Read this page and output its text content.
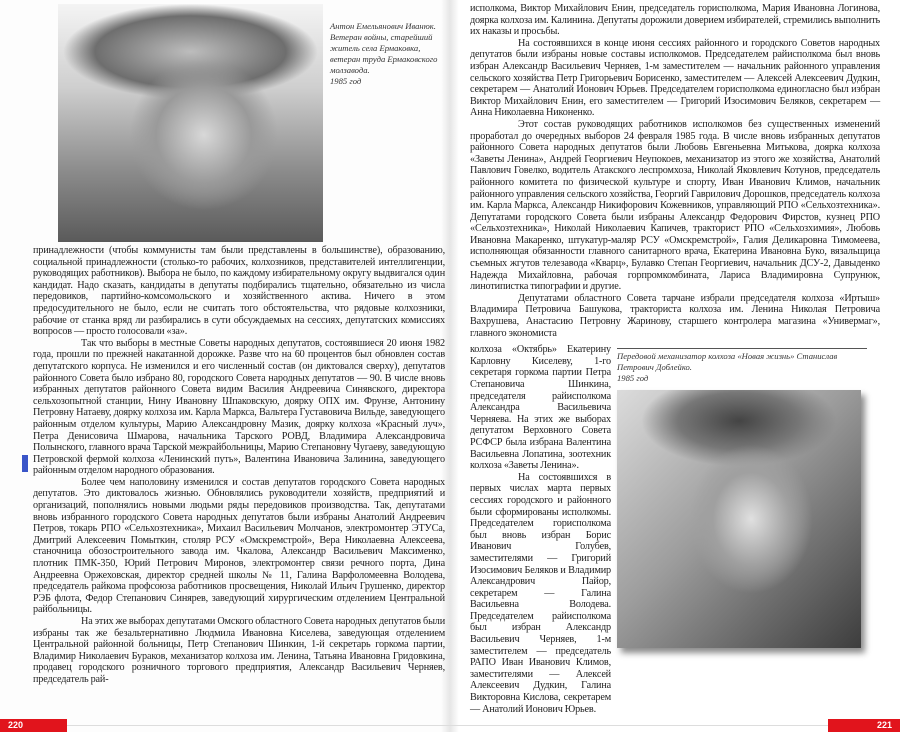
Антон Емельянович Иванюк.
Ветеран войны, старейший житель села Ермаковка, ветеран труда Ермаковского молзавода.
1985 год

принадлежности (чтобы коммунисты там были представлены в большинстве), образованию, социальной принадлежности (столько-то рабочих, колхозников, представителей интеллигенции, руководящих работников). Выбора не было, по каждому избирательному округу выдвигался один кандидат. Надо сказать, кандидаты в депутаты подбирались тщательно, обязательно из числа передовиков, партийно-комсомольского и хозяйственного актива. Ничего в этом предосудительного не было, если не считать того обстоятельства, что рядовые колхозники, рабочие от станка вряд ли разбирались в сути обсуждаемых на сессиях, депутатских комиссиях вопросов — просто голосовали «за».

Так что выборы в местные Советы народных депутатов, состоявшиеся 20 июня 1982 года, прошли по прежней накатанной дорожке. Разве что на 60 процентов был обновлен состав депутатского корпуса. Не изменился и его численный состав (он диктовался сверху), депутатов районного Совета было избрано 80, городского Совета народных депутатов — 90. В числе вновь избранных депутатов районного Совета видим Василия Андреевича Синявского, директора сельхозопытной станции, Нину Ивановну Шпаковскую, доярку ОПХ им. Фрунзе, Антонину Петровну Натаеву, доярку колхоза им. Карла Маркса, Вальтера Густавовича Вильде, заведующего районным отделом культуры, Марию Александровну Мазик, доярку колхоза «Красный луч», Петра Денисовича Шмарова, начальника Тарского РОВД, Владимира Александровича Полынского, главного врача Тарской межрайбольницы, Марию Степановну Чугаеву, заведующую Петровской фермой колхоза «Ленинский путь», Валентина Ивановича Залинина, заведующего районным отделом народного образования.

Более чем наполовину изменился и состав депутатов городского Совета народных депутатов. Это диктовалось жизнью. Обновлялись руководители хозяйств, предприятий и организаций, пополнялись новыми людьми ряды передовиков производства. Так, депутатами вновь избранного городского Совета народных депутатов были избраны Анатолий Андреевич Петров, токарь РПО «Сельхозтехника», Михаил Васильевич Молчанов, электромонтер ЭТУСа, Дмитрий Алексеевич Помыткин, столяр РСУ «Омскремстрой», Вера Николаевна Алексеева, станочница обозостроительного завода им. Чкалова, Александр Васильевич Максименко, плотник ПМК-350, Юрий Петрович Миронов, электромонтер связи речного порта, Дина Андреевна Оржеховская, директор средней школы № 11, Галина Варфоломеевна Володева, председатель райкома профсоюза работников просвещения, Николай Ильич Грушенко, директор РЭБ флота, Федор Степанович Синярев, заведующий хирургическим отделением Центральной райбольницы.

На этих же выборах депутатами Омского областного Совета народных депутатов были избраны так же безальтернативно Людмила Ивановна Киселева, заведующая отделением Центральной районной больницы, Петр Степанович Шинкин, 1-й секретарь горкома партии, Владимир Николаевич Бураков, механизатор колхоза им. Ленина, Татьяна Ивановна Гридовкина, продавец городского розничного торгового предприятия, Александр Васильевич Черняев, председатель рай-

220

исполкома, Виктор Михайлович Енин, председатель горисполкома, Мария Ивановна Логинова, доярка колхоза им. Калинина. Депутаты дорожили доверием избирателей, стремились выполнить их наказы и просьбы.

На состоявшихся в конце июня сессиях районного и городского Советов народных депутатов были избраны новые составы исполкомов. Председателем райисполкома был вновь избран Александр Васильевич Черняев, 1-м заместителем — начальник районного управления сельского хозяйства Петр Григорьевич Борисенко, заместителем — Алексей Алексеевич Дудкин, секретарем — Анатолий Ионович Юрьев. Председателем горисполкома единогласно был избран Виктор Михайлович Енин, его заместителем — Григорий Изосимович Беляков, секретарем — Анна Николаевна Никоненко.

Этот состав руководящих работников исполкомов без существенных изменений проработал до очередных выборов 24 февраля 1985 года. В числе вновь избранных депутатов районного Совета народных депутатов были Любовь Евгеньевна Митькова, доярка колхоза «Заветы Ленина», Андрей Георгиевич Неупокоев, механизатор из этого же хозяйства, Анатолий Павлович Говелко, водитель Атакского леспромхоза, Николай Яковлевич Котунов, председатель районного комитета по физической культуре и спорту, Иван Иванович Климов, начальник районного управления сельского хозяйства, Георгий Гаврилович Дорошков, председатель колхоза им. Карла Маркса, Александр Никифорович Кожевников, управляющий РПО «Сельхозтехника». Депутатами городского Совета были избраны Александр Федорович Фирстов, кузнец РПО «Сельхозтехника», Николай Николаевич Капичев, тракторист РПО «Сельхозхимия», Любовь Ивановна Макаренко, штукатур-маляр РСУ «Омскремстрой», Галия Деликаровна Тимомеева, исполняющая обязанности главного санитарного врача, Екатерина Ивановна Буко, вязальщица съемных жгутов телезавода «Кварц», Булавко Степан Георгиевич, начальник ДСУ-2, Давыденко Надежда Михайловна, рабочая горпромкомбината, Лариса Владимировна Супрунюк, линотипистка типографии и другие.

Депутатами областного Совета тарчане избрали председателя колхоза «Иртыш» Владимира Петровича Башукова, тракториста колхоза им. Ленина Николая Петровича Вахрушева, Анастасию Петровну Жаринову, старшего контролера магазина «Универмаг», главного экономиста

колхоза «Октябрь» Екатерину Карловну Киселеву, 1-го секретаря горкома партии Петра Степановича Шинкина, председателя райисполкома Александра Васильевича Черняева. На этих же выборах депутатом Верховного Совета РСФСР была избрана Валентина Васильевна Лопатина, зоотехник колхоза «Заветы Ленина».

На состоявшихся в первых числах марта первых сессиях городского и районного были сформированы исполкомы. Председателем горисполкома был вновь избран Борис Иванович Голубев, заместителями — Григорий Изосимович Беляков и Владимир Александрович Пайор, секретарем — Галина Васильевна Володева. Председателем райисполкома был избран Александр Васильевич Черняев, 1-м заместителем — председатель РАПО Иван Иванович Климов, заместителями — Алексей Алексеевич Дудкин, Галина Викторовна Кислова, секретарем — Анатолий Ионович Юрьев.

Передовой механизатор колхоза «Новая жизнь» Станислав Петрович Доблейко.
1985 год
221
